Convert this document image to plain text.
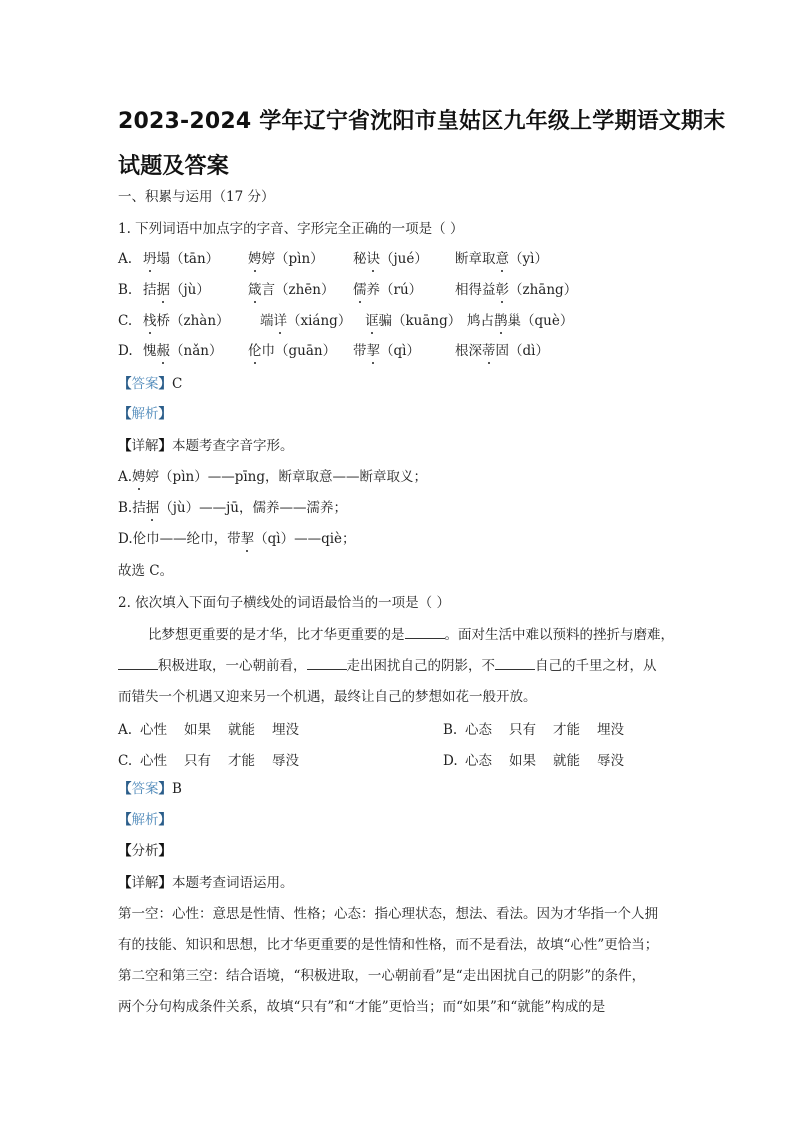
2023-2024 学年辽宁省沈阳市皇姑区九年级上学期语文期末
试题及答案
一、积累与运用（17 分）
1. 下列词语中加点字的字音、字形完全正确的一项是（ ）
A. 坍塌（tān） 娉婷（pìn） 秘诀（jué） 断章取意（yì）
B. 拮据（jù）	箴言（zhēn） 儒养（rú） 相得益彰（zhāng）
C. 栈桥（zhàn） 端详（xiáng） 诓骗（kuāng） 鸠占鹊巢（què）
D. 愧赧（nǎn） 伦巾（guān） 带挈（qì）	根深蒂固（dì）
【答案】C
【解析】
【详解】本题考查字音字形。
A.娉婷（pìn）——pīng，断章取意——断章取义；
B.拮据（jù）——jū，儒养——濡养；
D.伦巾——纶巾，带挈（qì）——qiè；
故选 C。
2. 依次填入下面句子横线处的词语最恰当的一项是（ ）
比梦想更重要的是才华，比才华更重要的是	。面对生活中难以预料的挫折与磨难，
积极进取，一心朝前看，	走出困扰自己的阴影，不	自己的千里之材，从
而错失一个机遇又迎来另一个机遇，最终让自己的梦想如花一般开放。
A. 心性 如果 就能 埋没	B. 心态 只有 才能 埋没
C. 心性 只有 才能 辱没	D. 心态 如果 就能 辱没
【答案】B
【解析】
【分析】
【详解】本题考查词语运用。
第一空：心性：意思是性情、性格；心态：指心理状态，想法、看法。因为才华指一个人拥
有的技能、知识和思想，比才华更重要的是性情和性格，而不是看法，故填“心性”更恰当；
第二空和第三空：结合语境，“积极进取，一心朝前看”是“走出困扰自己的阴影”的条件，
两个分句构成条件关系，故填“只有”和“才能”更恰当；而“如果”和“就能”构成的是
